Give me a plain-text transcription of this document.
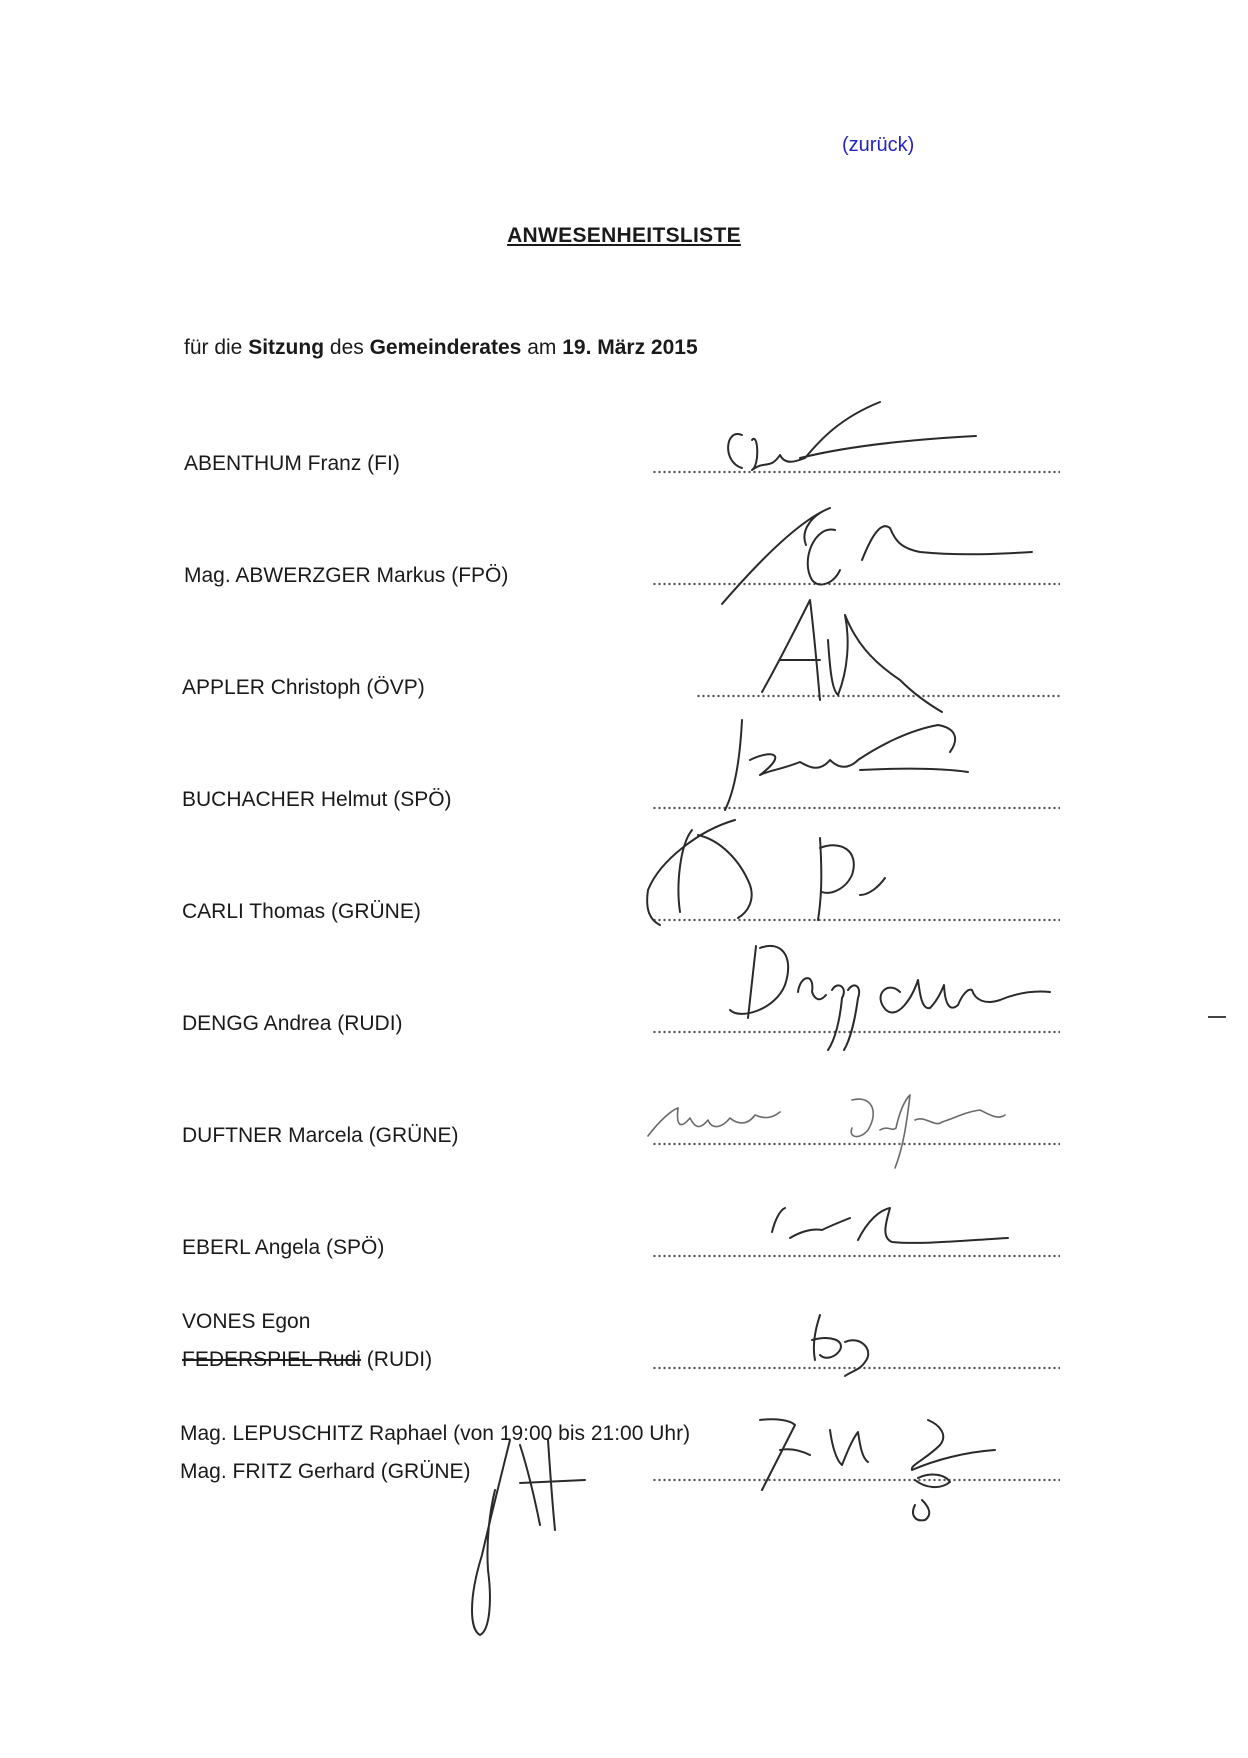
(zurück)
ANWESENHEITSLISTE
für die Sitzung des Gemeinderates am 19. März 2015
ABENTHUM Franz (FI)
Mag. ABWERZGER Markus (FPÖ)
APPLER Christoph (ÖVP)
BUCHACHER Helmut (SPÖ)
CARLI Thomas (GRÜNE)
DENGG Andrea (RUDI)
DUFTNER Marcela (GRÜNE)
EBERL Angela (SPÖ)
VONES Egon
FEDERSPIEL Rudi (RUDI)
Mag. LEPUSCHITZ Raphael (von 19:00 bis 21:00 Uhr)
Mag. FRITZ Gerhard (GRÜNE)
